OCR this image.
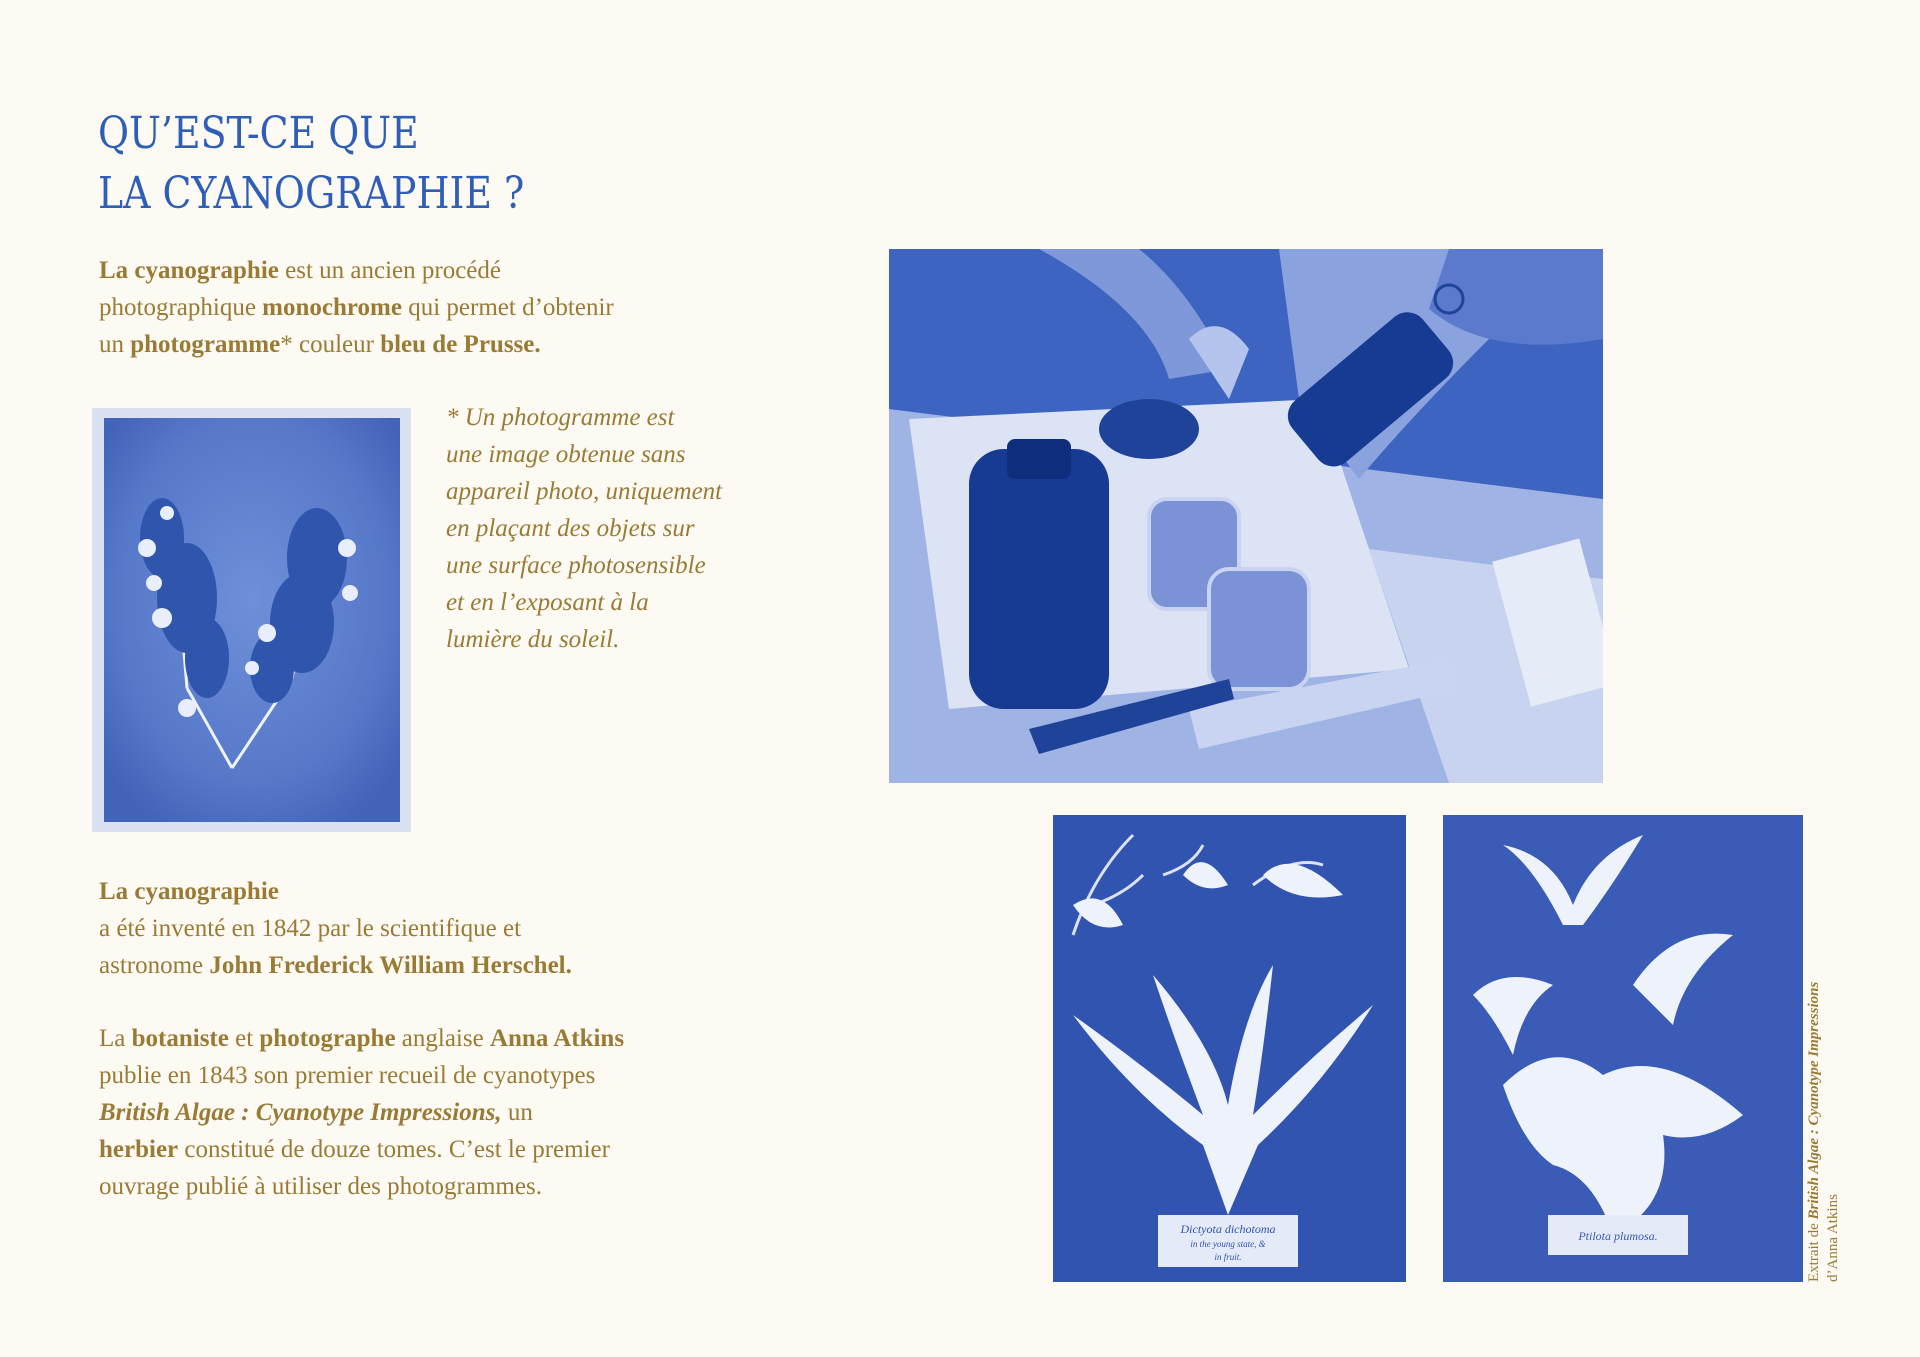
QU’EST-CE QUE
LA CYANOGRAPHIE ?
La cyanographie est un ancien procédé
photographique monochrome qui permet d’obtenir
un photogramme* couleur bleu de Prusse.
* Un photogramme est
une image obtenue sans
appareil photo, uniquement
en plaçant des objets sur
une surface photosensible
et en l’exposant à la
lumière du soleil.
Dictyota dichotoma
in the young state, &
in fruit.
Ptilota plumosa.	Extrait de British Algae : Cyanotype Impressions
d’Anna Atkins
La cyanographie
a été inventé en 1842 par le scientifique et
astronome John Frederick William Herschel.
La botaniste et photographe anglaise Anna Atkins
publie en 1843 son premier recueil de cyanotypes
British Algae : Cyanotype Impressions, un
herbier constitué de douze tomes. C’est le premier
ouvrage publié à utiliser des photogrammes.
